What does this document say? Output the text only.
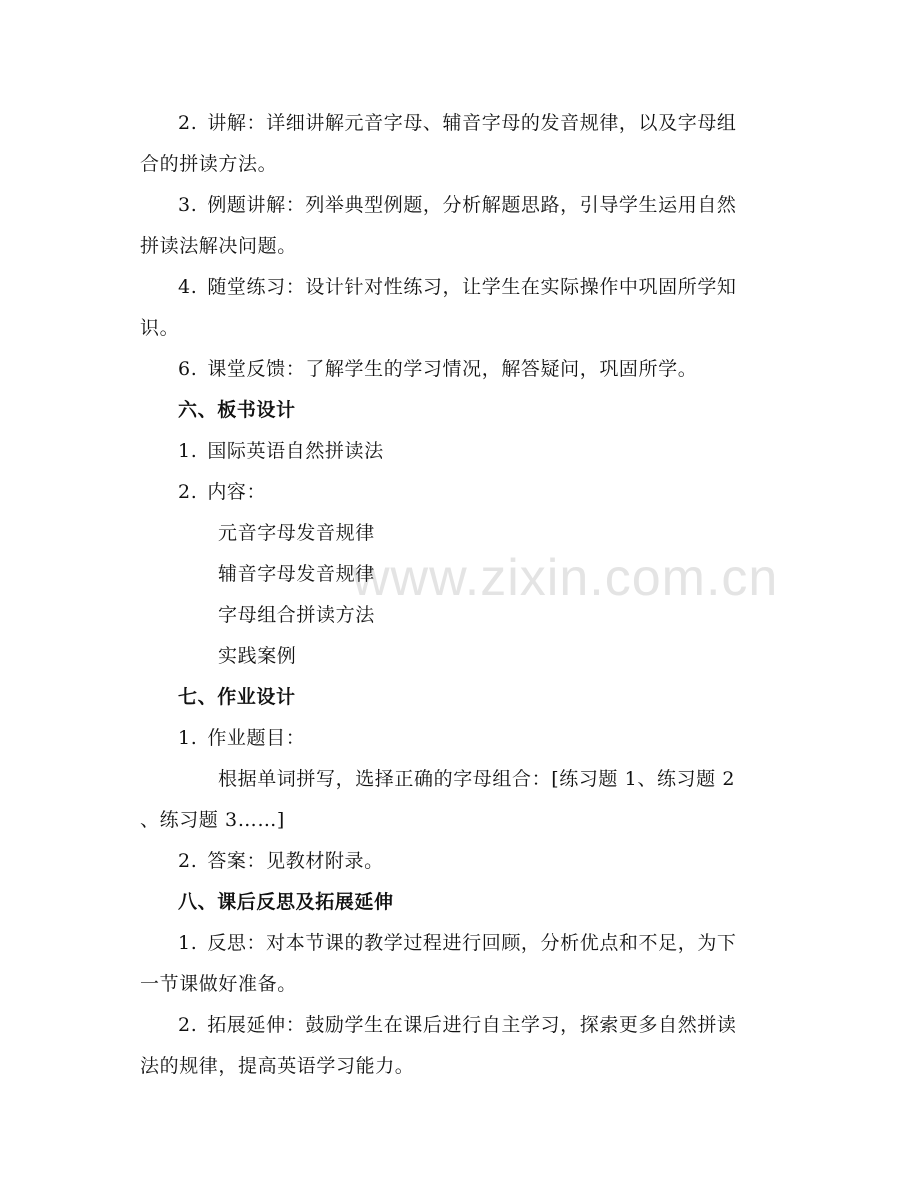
www.zixin.com.cn
2. 讲解：详细讲解元音字母、辅音字母的发音规律，以及字母组
合的拼读方法。
3. 例题讲解：列举典型例题，分析解题思路，引导学生运用自然
拼读法解决问题。
4. 随堂练习：设计针对性练习，让学生在实际操作中巩固所学知
识。
6. 课堂反馈：了解学生的学习情况，解答疑问，巩固所学。
六、板书设计
1. 国际英语自然拼读法
2. 内容：
元音字母发音规律
辅音字母发音规律
字母组合拼读方法
实践案例
七、作业设计
1. 作业题目：
根据单词拼写，选择正确的字母组合：[练习题 1、练习题 2
、练习题 3……]
2. 答案：见教材附录。
八、课后反思及拓展延伸
1. 反思：对本节课的教学过程进行回顾，分析优点和不足，为下
一节课做好准备。
2. 拓展延伸：鼓励学生在课后进行自主学习，探索更多自然拼读
法的规律，提高英语学习能力。
